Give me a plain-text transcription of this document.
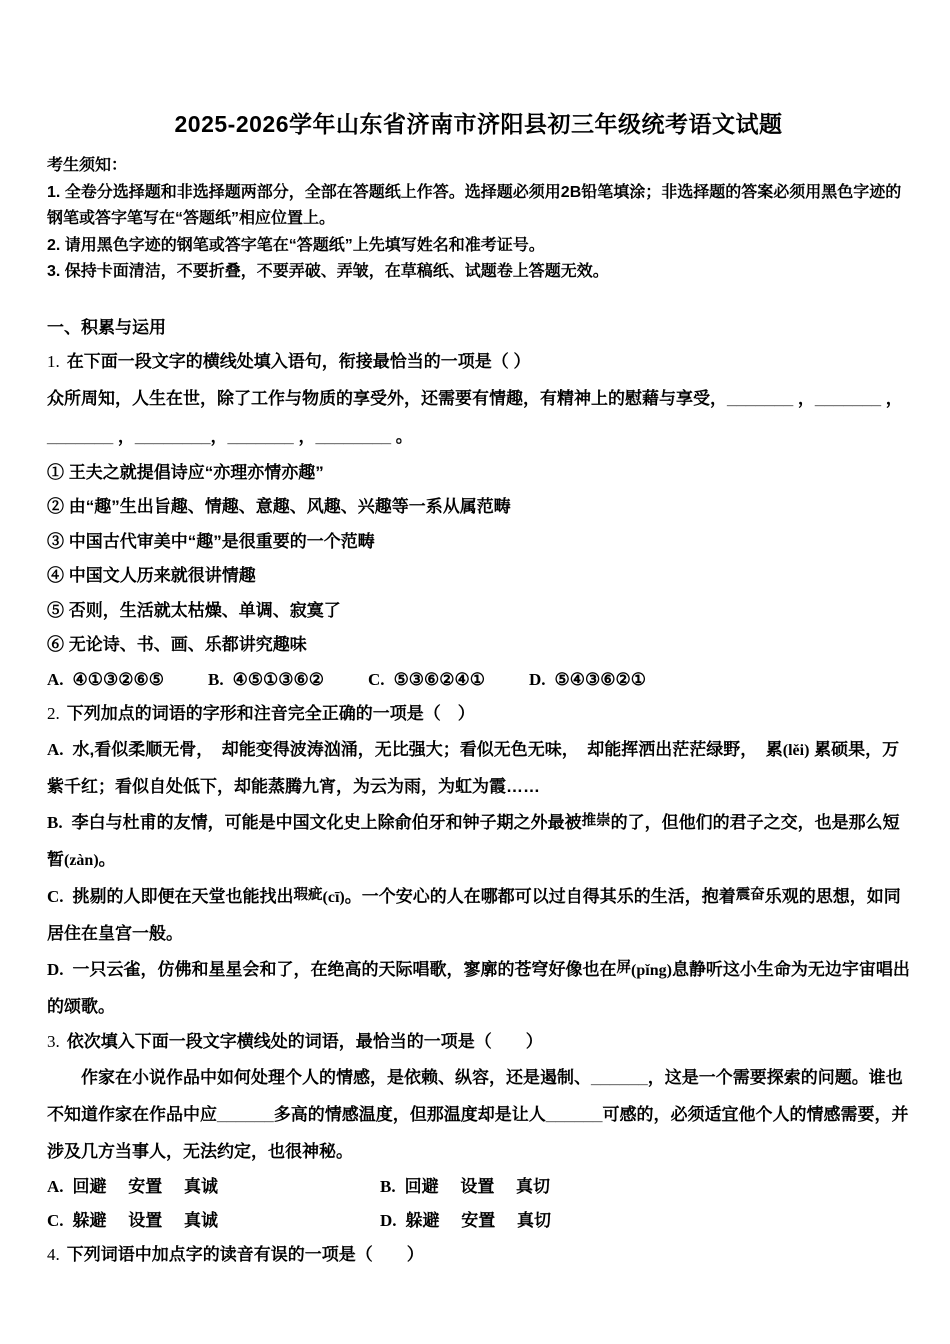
2025-2026学年山东省济南市济阳县初三年级统考语文试题

考生须知：

1. 全卷分选择题和非选择题两部分，全部在答题纸上作答。选择题必须用2B铅笔填涂；非选择题的答案必须用黑色字迹的钢笔或答字笔写在“答题纸”相应位置上。

2. 请用黑色字迹的钢笔或答字笔在“答题纸”上先填写姓名和准考证号。

3. 保持卡面清洁，不要折叠，不要弄破、弄皱，在草稿纸、试题卷上答题无效。

一、积累与运用

1. 在下面一段文字的横线处填入语句，衔接最恰当的一项是（ ）

众所周知，人生在世，除了工作与物质的享受外，还需要有情趣，有精神上的慰藉与享受，_______ ，_______ ，_______ ，________，_______ ，________ 。

① 王夫之就提倡诗应“亦理亦情亦趣”

② 由“趣”生出旨趣、情趣、意趣、风趣、兴趣等一系从属范畴

③ 中国古代审美中“趣”是很重要的一个范畴

④ 中国文人历来就很讲情趣

⑤ 否则，生活就太枯燥、单调、寂寞了

⑥ 无论诗、书、画、乐都讲究趣味

A. ④①③②⑥⑤	B. ④⑤①③⑥②	C. ⑤③⑥②④①	D. ⑤④③⑥②①

2. 下列加点的词语的字形和注音完全正确的一项是（　）

A. 水,看似柔顺无骨，　却能变得波涛汹涌，无比强大；看似无色无味，　却能挥洒出茫茫绿野，　累(lěi) 累硕果，万紫千红；看似自处低下，却能蒸腾九宵，为云为雨，为虹为霞……

B. 李白与杜甫的友情，可能是中国文化史上除俞伯牙和钟子期之外最被推崇的了，但他们的君子之交，也是那么短暂(zàn)。

C. 挑剔的人即便在天堂也能找出瑕疵(cī)。一个安心的人在哪都可以过自得其乐的生活，抱着震奋乐观的思想，如同居住在皇宫一般。

D. 一只云雀，仿佛和星星会和了，在绝高的天际唱歌，寥廓的苍穹好像也在屏(pǐng)息静听这小生命为无边宇宙唱出的颂歌。

3. 依次填入下面一段文字横线处的词语，最恰当的一项是（　　）

　　作家在小说作品中如何处理个人的情感，是依赖、纵容，还是遏制、______，这是一个需要探索的问题。谁也不知道作家在作品中应______多高的情感温度，但那温度却是让人______可感的，必须适宜他个人的情感需要，并涉及几方当事人，无法约定，也很神秘。

A. 回避　 安置　 真诚	B. 回避　 设置　 真切
C. 躲避　 设置　 真诚	D. 躲避　 安置　 真切

4. 下列词语中加点字的读音有误的一项是（　　）
